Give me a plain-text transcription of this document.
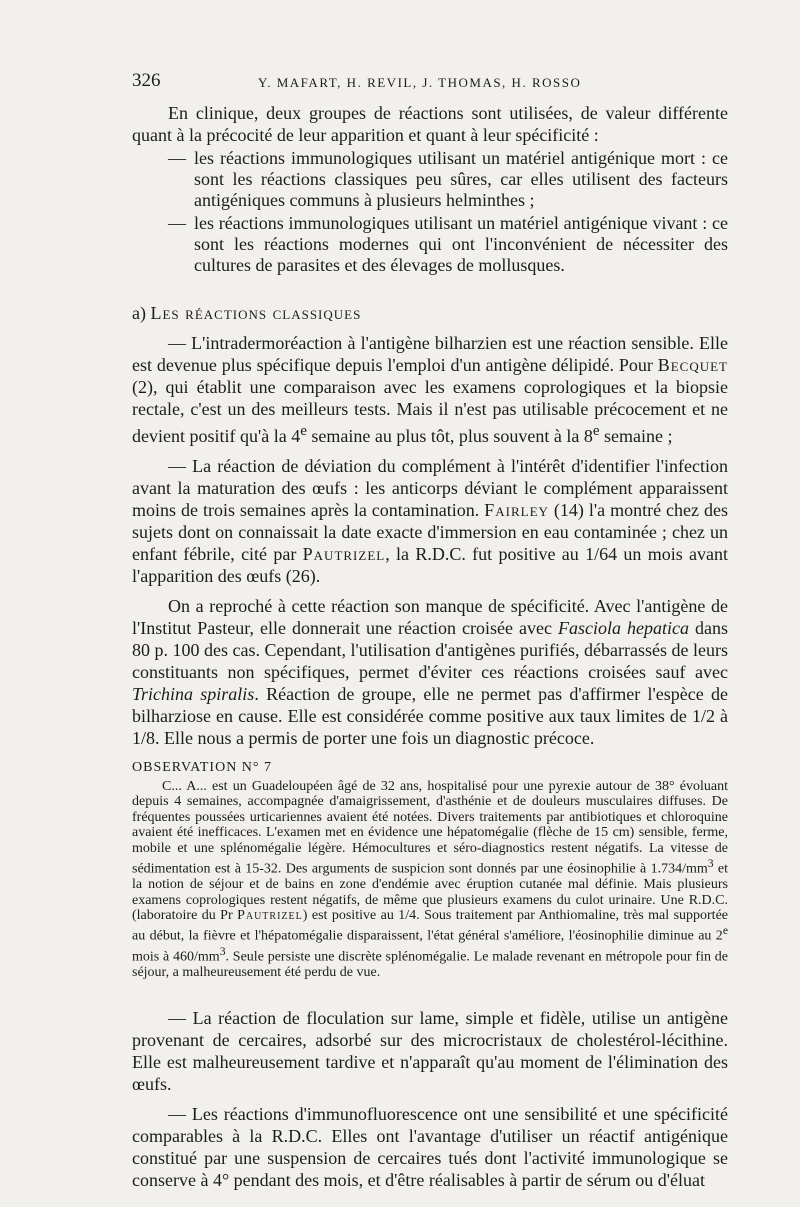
326	Y. MAFART, H. REVIL, J. THOMAS, H. ROSSO

En clinique, deux groupes de réactions sont utilisées, de valeur différente quant à la précocité de leur apparition et quant à leur spécificité :

— les réactions immunologiques utilisant un matériel antigénique mort : ce sont les réactions classiques peu sûres, car elles utilisent des facteurs antigéniques communs à plusieurs helminthes ;
— les réactions immunologiques utilisant un matériel antigénique vivant : ce sont les réactions modernes qui ont l'inconvénient de nécessiter des cultures de parasites et des élevages de mollusques.
a) Les réactions classiques

— L'intradermoréaction à l'antigène bilharzien est une réaction sensible. Elle est devenue plus spécifique depuis l'emploi d'un antigène délipidé. Pour Becquet (2), qui établit une comparaison avec les examens coprologiques et la biopsie rectale, c'est un des meilleurs tests. Mais il n'est pas utilisable précocement et ne devient positif qu'à la 4e semaine au plus tôt, plus souvent à la 8e semaine ;

— La réaction de déviation du complément à l'intérêt d'identifier l'infection avant la maturation des œufs : les anticorps déviant le complément apparaissent moins de trois semaines après la contamination. Fairley (14) l'a montré chez des sujets dont on connaissait la date exacte d'immersion en eau contaminée ; chez un enfant fébrile, cité par Pautrizel, la R.D.C. fut positive au 1/64 un mois avant l'apparition des œufs (26).

On a reproché à cette réaction son manque de spécificité. Avec l'antigène de l'Institut Pasteur, elle donnerait une réaction croisée avec Fasciola hepatica dans 80 p. 100 des cas. Cependant, l'utilisation d'antigènes purifiés, débarrassés de leurs constituants non spécifiques, permet d'éviter ces réactions croisées sauf avec Trichina spiralis. Réaction de groupe, elle ne permet pas d'affirmer l'espèce de bilharziose en cause. Elle est considérée comme positive aux taux limites de 1/2 à 1/8. Elle nous a permis de porter une fois un diagnostic précoce.

OBSERVATION N° 7

C... A... est un Guadeloupéen âgé de 32 ans, hospitalisé pour une pyrexie autour de 38° évoluant depuis 4 semaines, accompagnée d'amaigrissement, d'asthénie et de douleurs musculaires diffuses. De fréquentes poussées urticariennes avaient été notées. Divers traitements par antibiotiques et chloroquine avaient été inefficaces. L'examen met en évidence une hépatomégalie (flèche de 15 cm) sensible, ferme, mobile et une splénomégalie légère. Hémocultures et séro-diagnostics restent négatifs. La vitesse de sédimentation est à 15-32. Des arguments de suspicion sont donnés par une éosinophilie à $1.734/mm^3$ et la notion de séjour et de bains en zone d'endémie avec éruption cutanée mal définie. Mais plusieurs examens coprologiques restent négatifs, de même que plusieurs examens du culot urinaire. Une R.D.C. (laboratoire du Pr Pautrizel) est positive au 1/4. Sous traitement par Anthiomaline, très mal supportée au début, la fièvre et l'hépatomégalie disparaissent, l'état général s'améliore, l'éosinophilie diminue au 2e mois à $460/mm^3$. Seule persiste une discrète splénomégalie. Le malade revenant en métropole pour fin de séjour, a malheureusement été perdu de vue.

— La réaction de floculation sur lame, simple et fidèle, utilise un antigène provenant de cercaires, adsorbé sur des microcristaux de cholestérol-lécithine. Elle est malheureusement tardive et n'apparaît qu'au moment de l'élimination des œufs.

— Les réactions d'immunofluorescence ont une sensibilité et une spécificité comparables à la R.D.C. Elles ont l'avantage d'utiliser un réactif antigénique constitué par une suspension de cercaires tués dont l'activité immunologique se conserve à 4° pendant des mois, et d'être réalisables à partir de sérum ou d'éluat
